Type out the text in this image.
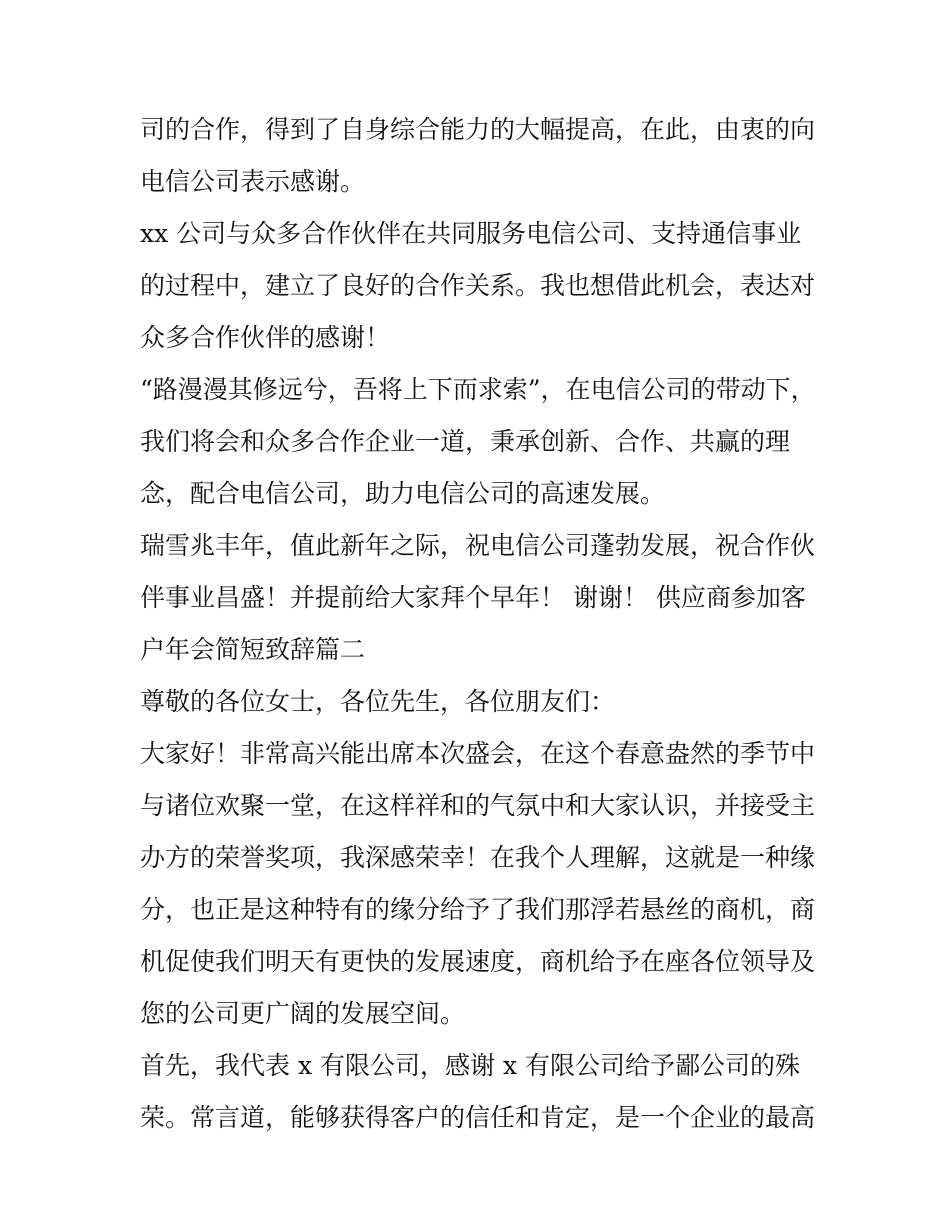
司的合作，得到了自身综合能力的大幅提高，在此，由衷的向
电信公司表示感谢。
xx 公司与众多合作伙伴在共同服务电信公司、支持通信事业
的过程中，建立了良好的合作关系。我也想借此机会，表达对
众多合作伙伴的感谢！
“路漫漫其修远兮，吾将上下而求索”，在电信公司的带动下，
我们将会和众多合作企业一道，秉承创新、合作、共赢的理
念，配合电信公司，助力电信公司的高速发展。
瑞雪兆丰年，值此新年之际，祝电信公司蓬勃发展，祝合作伙
伴事业昌盛！并提前给大家拜个早年！ 谢谢！ 供应商参加客
户年会简短致辞篇二
尊敬的各位女士，各位先生，各位朋友们：
大家好！非常高兴能出席本次盛会，在这个春意盎然的季节中
与诸位欢聚一堂，在这样祥和的气氛中和大家认识，并接受主
办方的荣誉奖项，我深感荣幸！在我个人理解，这就是一种缘
分，也正是这种特有的缘分给予了我们那浮若悬丝的商机，商
机促使我们明天有更快的发展速度，商机给予在座各位领导及
您的公司更广阔的发展空间。
首先，我代表 x 有限公司，感谢 x 有限公司给予鄙公司的殊
荣。常言道，能够获得客户的信任和肯定，是一个企业的最高
